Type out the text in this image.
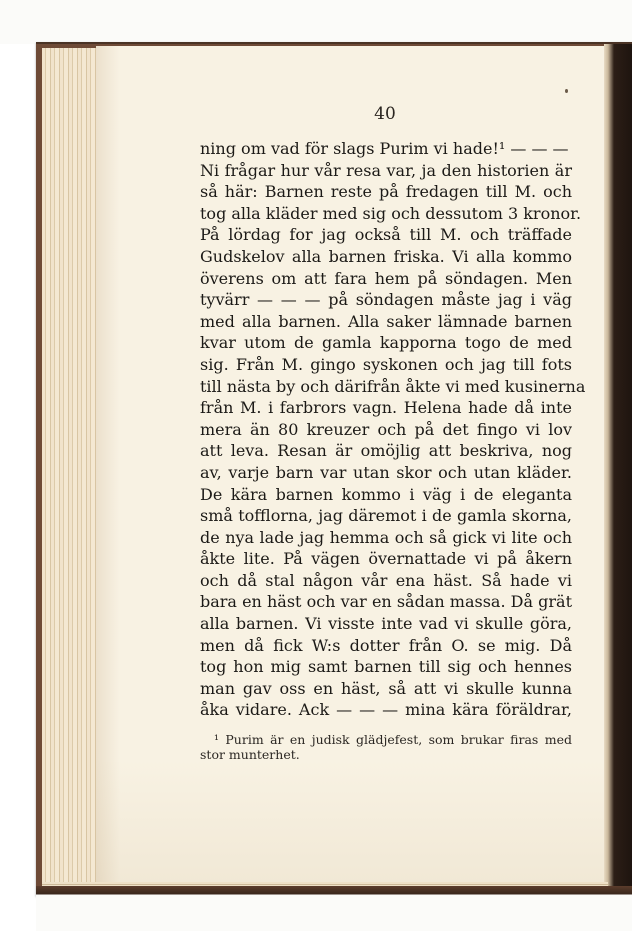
40
ning om vad för slags Purim vi hade!¹ — — —
Ni frågar hur vår resa var, ja den historien är
så här: Barnen reste på fredagen till M. och
tog alla kläder med sig och dessutom 3 kronor.
På lördag for jag också till M. och träffade
Gudskelov alla barnen friska. Vi alla kommo
överens om att fara hem på söndagen. Men
tyvärr — — — på söndagen måste jag i väg
med alla barnen. Alla saker lämnade barnen
kvar utom de gamla kapporna togo de med
sig. Från M. gingo syskonen och jag till fots
till nästa by och därifrån åkte vi med kusinerna
från M. i farbrors vagn. Helena hade då inte
mera än 80 kreuzer och på det fingo vi lov
att leva. Resan är omöjlig att beskriva, nog
av, varje barn var utan skor och utan kläder.
De kära barnen kommo i väg i de eleganta
små tofflorna, jag däremot i de gamla skorna,
de nya lade jag hemma och så gick vi lite och
åkte lite. På vägen övernattade vi på åkern
och då stal någon vår ena häst. Så hade vi
bara en häst och var en sådan massa. Då grät
alla barnen. Vi visste inte vad vi skulle göra,
men då fick W:s dotter från O. se mig. Då
tog hon mig samt barnen till sig och hennes
man gav oss en häst, så att vi skulle kunna
åka vidare. Ack — — — mina kära föräldrar,
¹ Purim är en judisk glädjefest, som brukar firas med
stor munterhet.
